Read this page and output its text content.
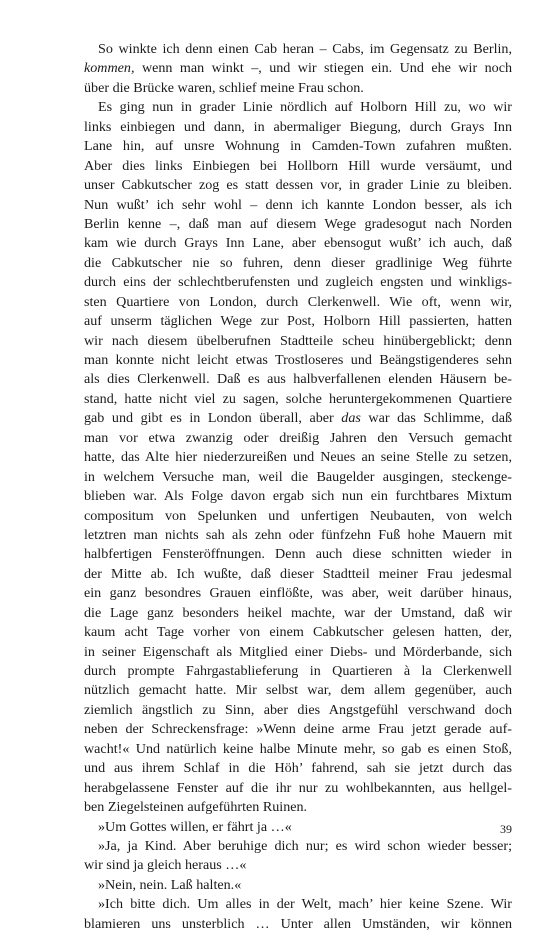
So winkte ich denn einen Cab heran – Cabs, im Gegensatz zu Berlin,
kommen, wenn man winkt –, und wir stiegen ein. Und ehe wir noch
über die Brücke waren, schlief meine Frau schon.
Es ging nun in grader Linie nördlich auf Holborn Hill zu, wo wir
links einbiegen und dann, in abermaliger Biegung, durch Grays Inn
Lane hin, auf unsre Wohnung in Camden-Town zufahren mußten.
Aber dies links Einbiegen bei Hollborn Hill wurde versäumt, und
unser Cabkutscher zog es statt dessen vor, in grader Linie zu bleiben.
Nun wußt’ ich sehr wohl – denn ich kannte London besser, als ich
Berlin kenne –, daß man auf diesem Wege gradesogut nach Norden
kam wie durch Grays Inn Lane, aber ebensogut wußt’ ich auch, daß
die Cabkutscher nie so fuhren, denn dieser gradlinige Weg führte
durch eins der schlechtberufensten und zugleich engsten und winkligs-
sten Quartiere von London, durch Clerkenwell. Wie oft, wenn wir,
auf unserm täglichen Wege zur Post, Holborn Hill passierten, hatten
wir nach diesem übelberufnen Stadtteile scheu hinübergeblickt; denn
man konnte nicht leicht etwas Trostloseres und Beängstigenderes sehn
als dies Clerkenwell. Daß es aus halbverfallenen elenden Häusern be-
stand, hatte nicht viel zu sagen, solche heruntergekommenen Quartiere
gab und gibt es in London überall, aber das war das Schlimme, daß
man vor etwa zwanzig oder dreißig Jahren den Versuch gemacht
hatte, das Alte hier niederzureißen und Neues an seine Stelle zu setzen,
in welchem Versuche man, weil die Baugelder ausgingen, steckenge-
blieben war. Als Folge davon ergab sich nun ein furchtbares Mixtum
compositum von Spelunken und unfertigen Neubauten, von welch
letztren man nichts sah als zehn oder fünfzehn Fuß hohe Mauern mit
halbfertigen Fensteröffnungen. Denn auch diese schnitten wieder in
der Mitte ab. Ich wußte, daß dieser Stadtteil meiner Frau jedesmal
ein ganz besondres Grauen einflößte, was aber, weit darüber hinaus,
die Lage ganz besonders heikel machte, war der Umstand, daß wir
kaum acht Tage vorher von einem Cabkutscher gelesen hatten, der,
in seiner Eigenschaft als Mitglied einer Diebs- und Mörderbande, sich
durch prompte Fahrgastablieferung in Quartieren à la Clerkenwell
nützlich gemacht hatte. Mir selbst war, dem allem gegenüber, auch
ziemlich ängstlich zu Sinn, aber dies Angstgefühl verschwand doch
neben der Schreckensfrage: »Wenn deine arme Frau jetzt gerade auf-
wacht!« Und natürlich keine halbe Minute mehr, so gab es einen Stoß,
und aus ihrem Schlaf in die Höh’ fahrend, sah sie jetzt durch das
herabgelassene Fenster auf die ihr nur zu wohlbekannten, aus hellgel-
ben Ziegelsteinen aufgeführten Ruinen.
»Um Gottes willen, er fährt ja …«
»Ja, ja Kind. Aber beruhige dich nur; es wird schon wieder besser;
wir sind ja gleich heraus …«
»Nein, nein. Laß halten.«
»Ich bitte dich. Um alles in der Welt, mach’ hier keine Szene. Wir
blamieren uns unsterblich … Unter allen Umständen, wir können
39
